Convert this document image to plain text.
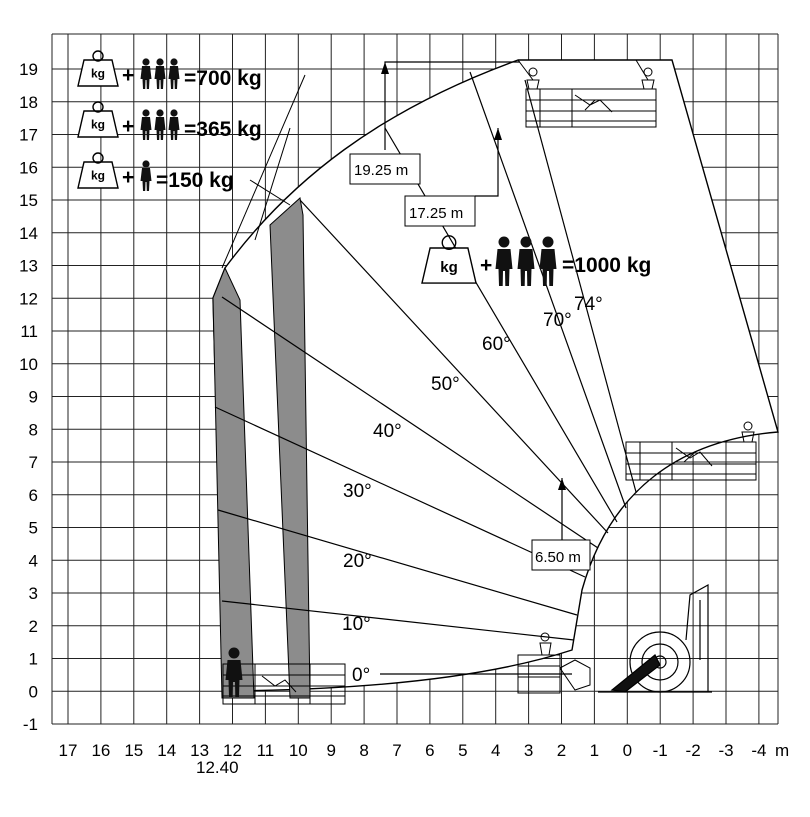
17 16 15 14 13 12 11 10 9 8 7 6 5 4 3 2 1 0 -1 -2 -3 -4
-1
0
1
2
3
4
5
6
7
8
9
10
11
12
13
14
15
16
17
18
19
m
12.40
0°
10°
20°
30°
40°
50°
60°
70°
74°
19.25 m
17.25 m
6.50 m
kg + =700 kg
kg + =365 kg
kg + =150 kg
kg +	=1000 kg
